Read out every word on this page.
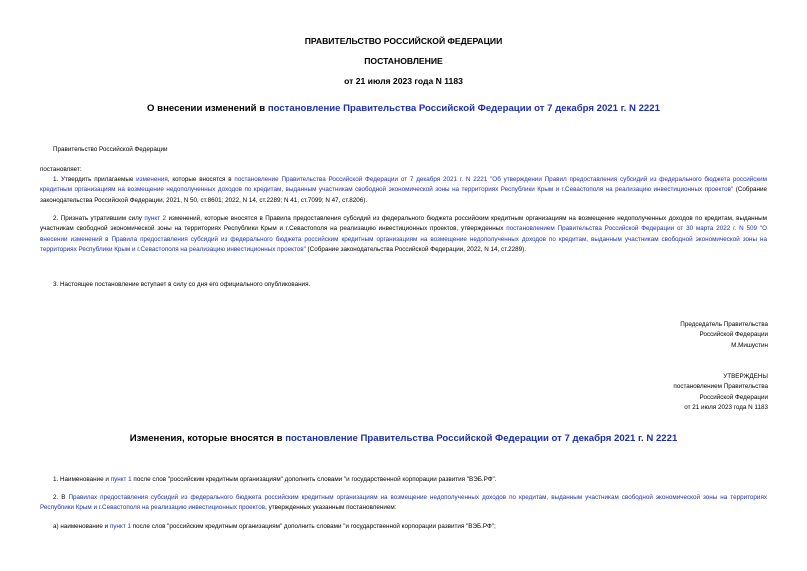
ПРАВИТЕЛЬСТВО РОССИЙСКОЙ ФЕДЕРАЦИИ
ПОСТАНОВЛЕНИЕ
от 21 июля 2023 года N 1183
О внесении изменений в постановление Правительства Российской Федерации от 7 декабря 2021 г. N 2221
Правительство Российской Федерации
постановляет:
1. Утвердить прилагаемые изменения, которые вносятся в постановление Правительства Российской Федерации от 7 декабря 2021 г. N 2221 "Об утверждении Правил предоставления субсидий из федерального бюджета российским кредитным организациям на возмещение недополученных доходов по кредитам, выданным участникам свободной экономической зоны на территориях Республики Крым и г.Севастополя на реализацию инвестиционных проектов" (Собрание законодательства Российской Федерации, 2021, N 50, ст.8601; 2022, N 14, ст.2289; N 41, ст.7099; N 47, ст.8206).
2. Признать утратившим силу пункт 2 изменений, которые вносятся в Правила предоставления субсидий из федерального бюджета российским кредитным организациям на возмещение недополученных доходов по кредитам, выданным участникам свободной экономической зоны на территориях Республики Крым и г.Севастополя на реализацию инвестиционных проектов, утвержденных постановлением Правительства Российской Федерации от 30 марта 2022 г. N 509 "О внесении изменений в Правила предоставления субсидий из федерального бюджета российским кредитным организациям на возмещение недополученных доходов по кредитам, выданным участникам свободной экономической зоны на территориях Республики Крым и г.Севастополя на реализацию инвестиционных проектов" (Собрание законодательства Российской Федерации, 2022, N 14, ст.2289).
3. Настоящее постановление вступает в силу со дня его официального опубликования.
Председатель Правительства
Российской Федерации
М.Мишустин
УТВЕРЖДЕНЫ
постановлением Правительства
Российской Федерации
от 21 июля 2023 года N 1183
Изменения, которые вносятся в постановление Правительства Российской Федерации от 7 декабря 2021 г. N 2221
1. Наименование и пункт 1 после слов "российским кредитным организациям" дополнить словами "и государственной корпорации развития "ВЭБ.РФ".
2. В Правилах предоставления субсидий из федерального бюджета российским кредитным организациям на возмещение недополученных доходов по кредитам, выданным участникам свободной экономической зоны на территориях Республики Крым и г.Севастополя на реализацию инвестиционных проектов, утвержденных указанным постановлением:
а) наименование и пункт 1 после слов "российским кредитным организациям" дополнить словами "и государственной корпорации развития "ВЭБ.РФ";
